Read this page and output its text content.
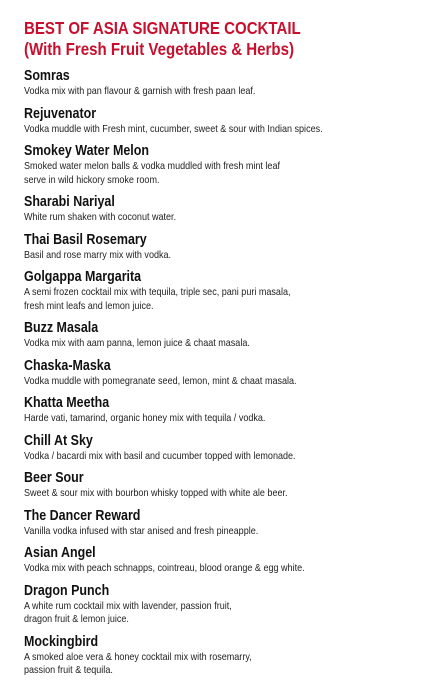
BEST OF ASIA SIGNATURE COCKTAIL
(With Fresh Fruit Vegetables & Herbs)
Somras
Vodka mix with pan flavour & garnish with fresh paan leaf.
Rejuvenator
Vodka muddle with Fresh mint, cucumber, sweet & sour with Indian spices.
Smokey Water Melon
Smoked water melon balls & vodka muddled with fresh mint leaf
serve in wild hickory smoke room.
Sharabi Nariyal
White rum shaken with coconut water.
Thai Basil Rosemary
Basil and rose marry mix with vodka.
Golgappa Margarita
A semi frozen cocktail mix with tequila, triple sec, pani puri masala,
fresh mint leafs and lemon juice.
Buzz Masala
Vodka mix with aam panna, lemon juice & chaat masala.
Chaska-Maska
Vodka muddle with pomegranate seed, lemon, mint & chaat masala.
Khatta Meetha
Harde vati, tamarind, organic honey mix with tequila / vodka.
Chill At Sky
Vodka / bacardi mix with basil and cucumber topped with lemonade.
Beer Sour
Sweet & sour mix with bourbon whisky topped with white ale beer.
The Dancer Reward
Vanilla vodka infused with star anised and fresh pineapple.
Asian Angel
Vodka mix with peach schnapps, cointreau, blood orange & egg white.
Dragon Punch
A white rum cocktail mix with lavender, passion fruit,
dragon fruit & lemon juice.
Mockingbird
A smoked aloe vera & honey cocktail mix with rosemarry,
passion fruit & tequila.
